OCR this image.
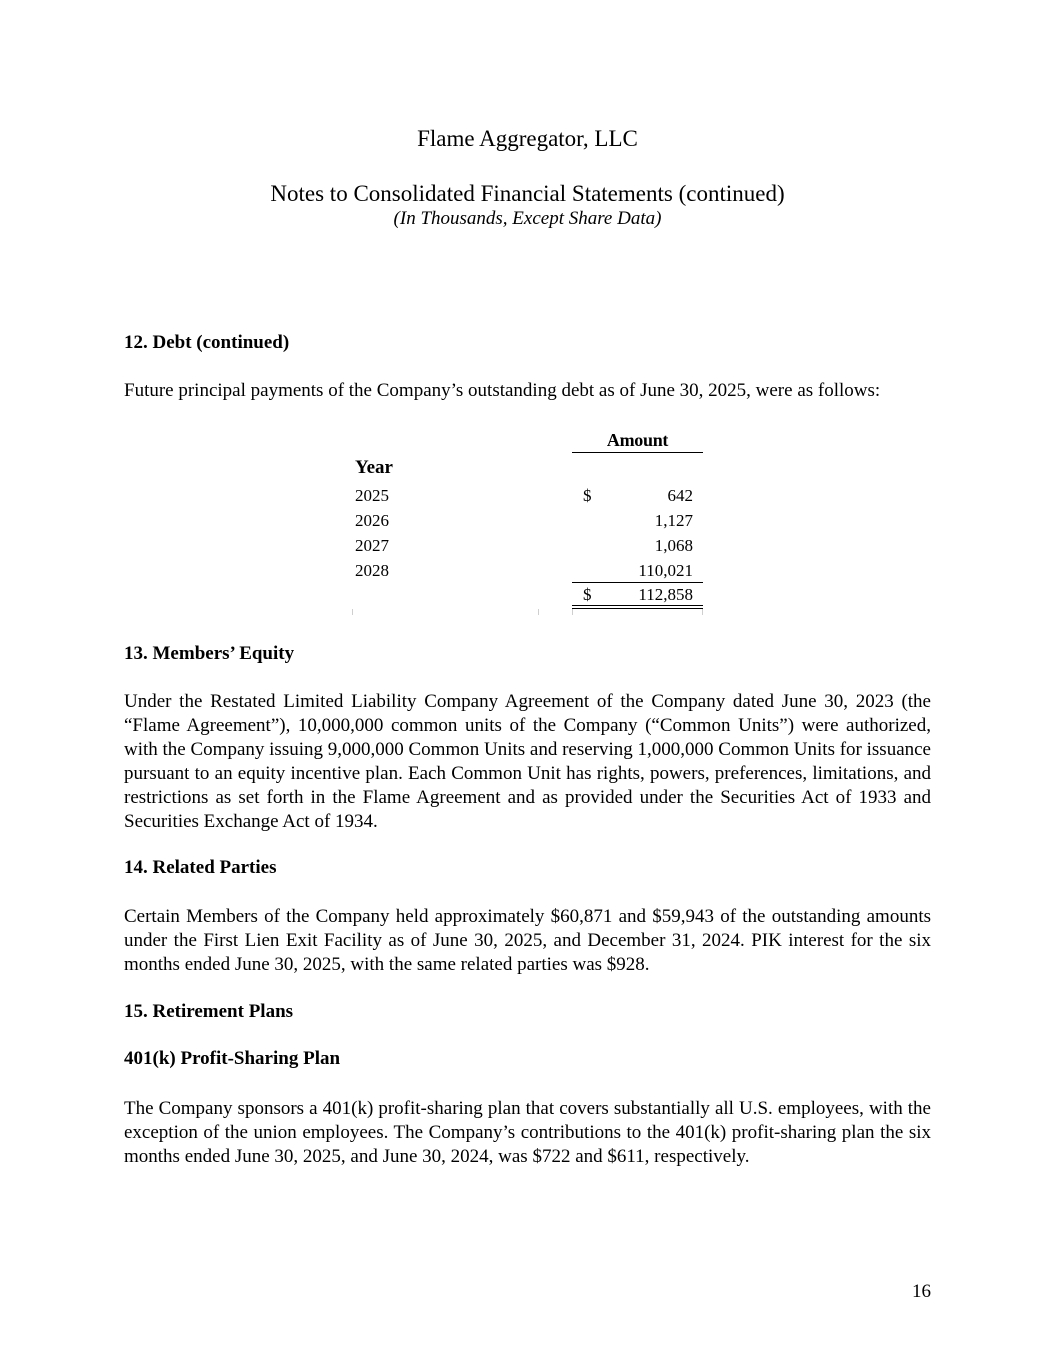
Flame Aggregator, LLC
Notes to Consolidated Financial Statements (continued)
(In Thousands, Except Share Data)
12. Debt (continued)
Future principal payments of the Company’s outstanding debt as of June 30, 2025, were as follows:
Amount
Year
2025	$	642
2026	1,127
2027	1,068
2028	110,021
$	112,858
13. Members’ Equity
Under the Restated Limited Liability Company Agreement of the Company dated June 30, 2023 (the “Flame Agreement”), 10,000,000 common units of the Company (“Common Units”) were authorized, with the Company issuing 9,000,000 Common Units and reserving 1,000,000 Common Units for issuance pursuant to an equity incentive plan. Each Common Unit has rights, powers, preferences, limitations, and restrictions as set forth in the Flame Agreement and as provided under the Securities Act of 1933 and Securities Exchange Act of 1934.
14. Related Parties
Certain Members of the Company held approximately $60,871 and $59,943 of the outstanding amounts under the First Lien Exit Facility as of June 30, 2025, and December 31, 2024. PIK interest for the six months ended June 30, 2025, with the same related parties was $928.
15. Retirement Plans
401(k) Profit-Sharing Plan
The Company sponsors a 401(k) profit-sharing plan that covers substantially all U.S. employees, with the exception of the union employees. The Company’s contributions to the 401(k) profit-sharing plan the six months ended June 30, 2025, and June 30, 2024, was $722 and $611, respectively.
16
